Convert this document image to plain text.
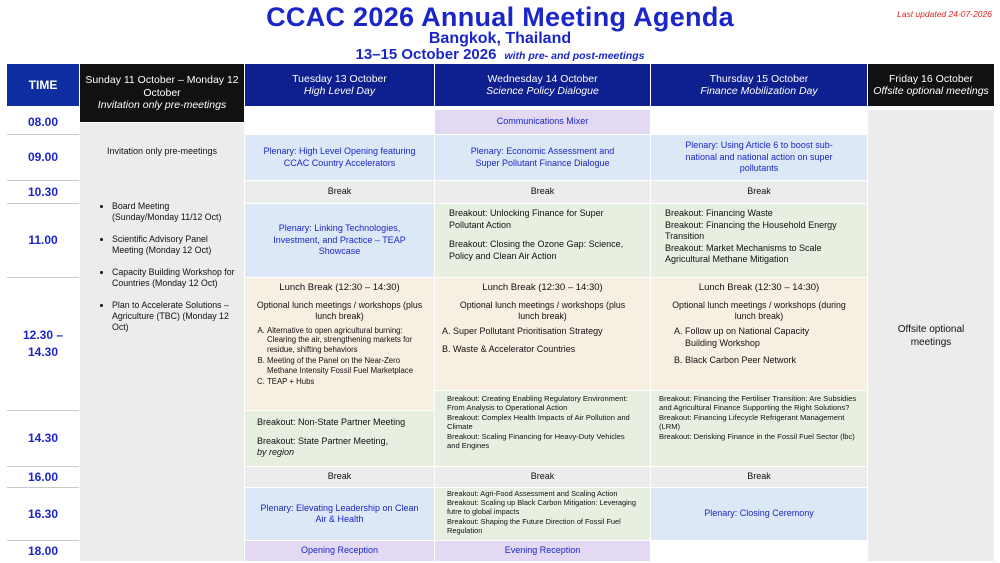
CCAC 2026 Annual Meeting Agenda
Bangkok, Thailand
13–15 October 2026 with pre- and post-meetings
Last updated 24-07-2026
TIME	Sunday 11 October – Monday 12 October
Invitation only pre-meetings
Tuesday 13 October
High Level Day
Wednesday 14 October
Science Policy Dialogue
Thursday 15 October
Finance Mobilization Day
Friday 16 October
Offsite optional meetings
08.00
09.00
10.30
11.00
12.30 – 14.30
14.30
16.00
16.30
18.00
Invitation only pre-meetings
• Board Meeting (Sunday/Monday 11/12 Oct)
• Scientific Advisory Panel Meeting (Monday 12 Oct)
• Capacity Building Workshop for Countries (Monday 12 Oct)
• Plan to Accelerate Solutions – Agriculture (TBC) (Monday 12 Oct)	Offsite optional meetings
Plenary: High Level Opening featuring CCAC Country Accelerators
Break
Plenary: Linking Technologies, Investment, and Practice – TEAP Showcase
Lunch Break (12:30 – 14:30)
Optional lunch meetings / workshops (plus lunch break)
A. Alternative to open agricultural burning: Clearing the air, strengthening markets for residue, shifting behaviors
B. Meeting of the Panel on the Near-Zero Methane Intensity Fossil Fuel Marketplace
C. TEAP + Hubs
Breakout: Non-State Partner Meeting
Breakout: State Partner Meeting,
by region
Break
Plenary: Elevating Leadership on Clean Air & Health
Opening Reception
Communications Mixer
Plenary: Economic Assessment and Super Pollutant Finance Dialogue
Break
Breakout: Unlocking Finance for Super Pollutant Action
Breakout: Closing the Ozone Gap: Science, Policy and Clean Air Action
Lunch Break (12:30 – 14:30)
Optional lunch meetings / workshops (plus lunch break)
A. Super Pollutant Prioritisation Strategy
B. Waste & Accelerator Countries
Breakout: Creating Enabling Regulatory Environment: From Analysis to Operational Action
Breakout: Complex Health Impacts of Air Pollution and Climate
Breakout: Scaling Financing for Heavy-Duty Vehicles and Engines
Break
Breakout: Agri-Food Assessment and Scaling Action
Breakout: Scaling up Black Carbon Mitigation: Leveraging futre to global impacts
Breakout: Shaping the Future Direction of Fossil Fuel Regulation
Evening Reception
Plenary: Using Article 6 to boost sub-national and national action on super pollutants
Break
Breakout: Financing Waste
Breakout: Financing the Household Energy Transition
Breakout: Market Mechanisms to Scale Agricultural Methane Mitigation
Lunch Break (12:30 – 14:30)
Optional lunch meetings / workshops (during lunch break)
A. Follow up on National Capacity Building Workshop
B. Black Carbon Peer Network
Breakout: Financing the Fertiliser Transition: Are Subsidies and Agricultural Finance Supporting the Right Solutions?
Breakout: Financing Lifecycle Refrigerant Management (LRM)
Breakout: Derisking Finance in the Fossil Fuel Sector (lbc)
Break
Plenary: Closing Ceremony
